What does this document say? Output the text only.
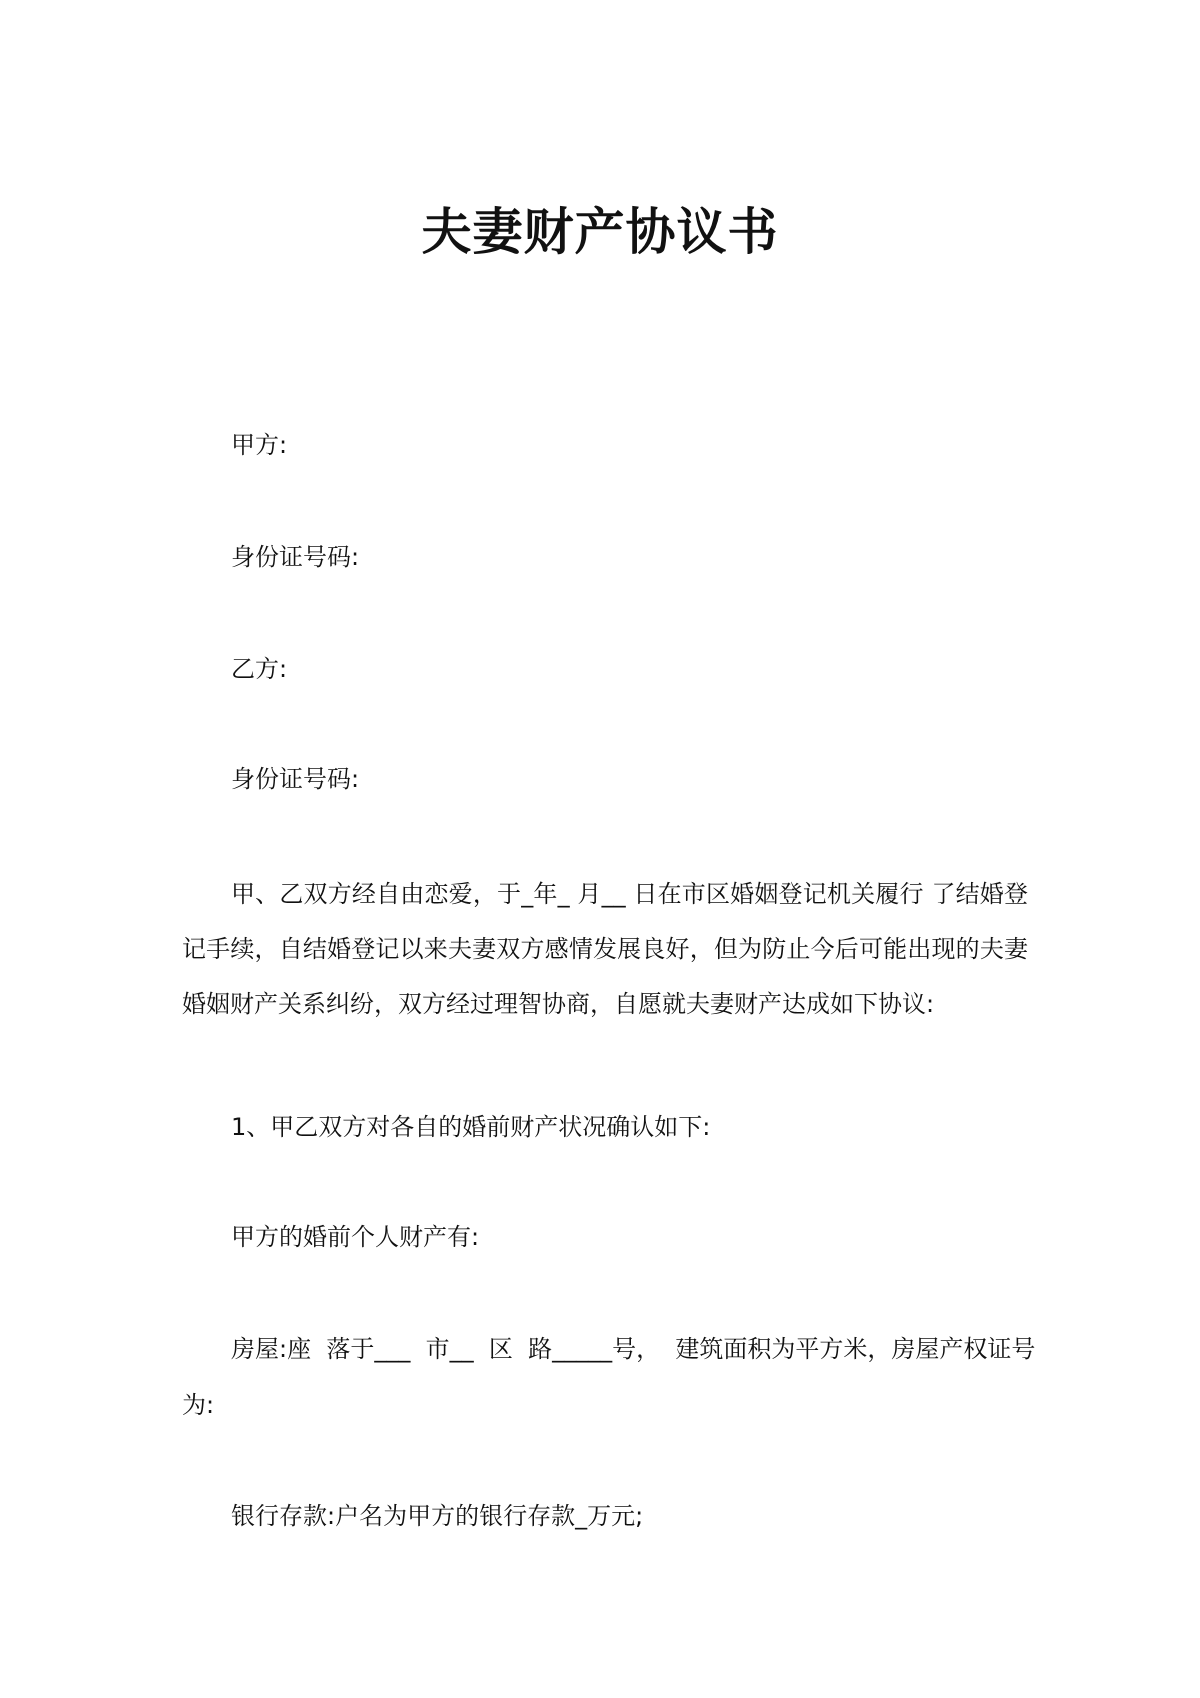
夫妻财产协议书

甲方:

身份证号码:

乙方:

身份证号码:

甲、乙双方经自由恋爱，于_年_ 月__ 日在市区婚姻登记机关履行 了结婚登记手续，自结婚登记以来夫妻双方感情发展良好，但为防止今后可能出现的夫妻婚姻财产关系纠纷，双方经过理智协商，自愿就夫妻财产达成如下协议:

1、甲乙双方对各自的婚前财产状况确认如下:

甲方的婚前个人财产有:

房屋:座  落于___  市__  区  路_____号，  建筑面积为平方米，房屋产权证号

为:

银行存款:户名为甲方的银行存款_万元;
